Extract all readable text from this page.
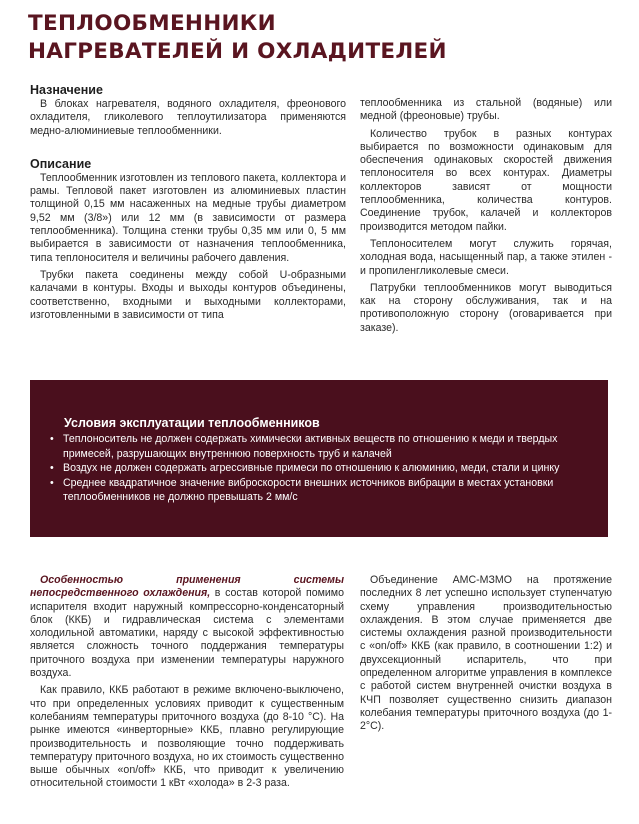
ТЕПЛООБМЕННИКИ
НАГРЕВАТЕЛЕЙ И ОХЛАДИТЕЛЕЙ
Назначение

В блоках нагревателя, водяного охладителя, фреонового охладителя, гликолевого теплоутилизатора применяются медно-алюминиевые теплообменники.

Описание

Теплообменник изготовлен из теплового пакета, коллектора и рамы. Тепловой пакет изготовлен из алюминиевых пластин толщиной 0,15 мм насаженных на медные трубы диаметром 9,52 мм (3/8») или 12 мм (в зависимости от размера теплообменника). Толщина стенки трубы 0,35 мм или 0, 5 мм выбирается в зависимости от назначения теплообменника, типа теплоносителя и величины рабочего давления.

Трубки пакета соединены между собой U-образными калачами в контуры. Входы и выходы контуров объединены, соответственно, входными и выходными коллекторами, изготовленными в зависимости от типа

теплообменника из стальной (водяные) или медной (фреоновые) трубы.

Количество трубок в разных контурах выбирается по возможности одинаковым для обеспечения одинаковых скоростей движения теплоносителя во всех контурах. Диаметры коллекторов зависят от мощности теплообменника, количества контуров. Соединение трубок, калачей и коллекторов производится методом пайки.

Теплоносителем могут служить горячая, холодная вода, насыщенный пар, а также этилен - и пропиленгликолевые смеси.

Патрубки теплообменников могут выводиться как на сторону обслуживания, так и на противоположную сторону (оговаривается при заказе).

Условия эксплуатации теплообменников
• Теплоноситель не должен содержать химически активных веществ по отношению к меди и твердых примесей, разрушающих внутреннюю поверхность труб и калачей
• Воздух не должен содержать агрессивные примеси по отношению к алюминию, меди, стали и цинку
• Среднее квадратичное значение виброскорости внешних источников вибрации в местах установки теплообменников не должно превышать 2 мм/с

Особенностью применения системы непосредственного охлаждения, в состав которой помимо испарителя входит наружный компрессорно-конденсаторный блок (ККБ) и гидравлическая система с элементами холодильной автоматики, наряду с высокой эффективностью является сложность точного поддержания температуры приточного воздуха при изменении температуры наружного воздуха.

Как правило, ККБ работают в режиме включено-выключено, что при определенных условиях приводит к существенным колебаниям температуры приточного воздуха (до 8-10 °С). На рынке имеются «инверторные» ККБ, плавно регулирующие производительность и позволяющие точно поддерживать температуру приточного воздуха, но их стоимость существенно выше обычных «on/off» ККБ, что приводит к увеличению относительной стоимости 1 кВт «холода» в 2-3 раза.

Объединение АМС-МЗМО на протяжение последних 8 лет успешно использует ступенчатую схему управления производительностью охлаждения. В этом случае применяется две системы охлаждения разной производительности с «on/off» ККБ (как правило, в соотношении 1:2) и двухсекционный испаритель, что при определенном алгоритме управления в комплексе с работой систем внутренней очистки воздуха в КЧП позволяет существенно снизить диапазон колебания температуры приточного воздуха (до 1-2°С).
